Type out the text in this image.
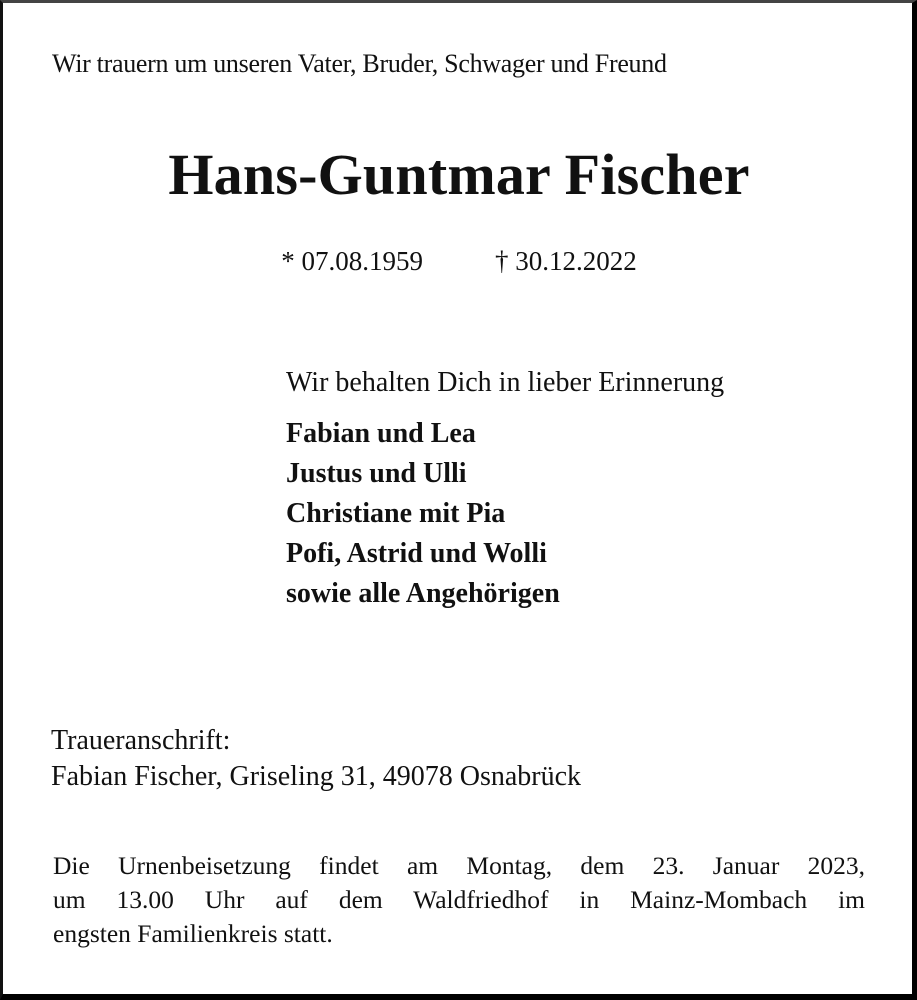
Wir trauern um unseren Vater, Bruder, Schwager und Freund
Hans-Guntmar Fischer
* 07.08.1959	† 30.12.2022
Wir behalten Dich in lieber Erinnerung
Fabian und Lea
Justus und Ulli
Christiane mit Pia
Pofi, Astrid und Wolli
sowie alle Angehörigen
Traueranschrift:
Fabian Fischer, Griseling 31, 49078 Osnabrück
Die Urnenbeisetzung findet am Montag, dem 23. Januar 2023,
um 13.00 Uhr auf dem Waldfriedhof in Mainz-Mombach im
engsten Familienkreis statt.
